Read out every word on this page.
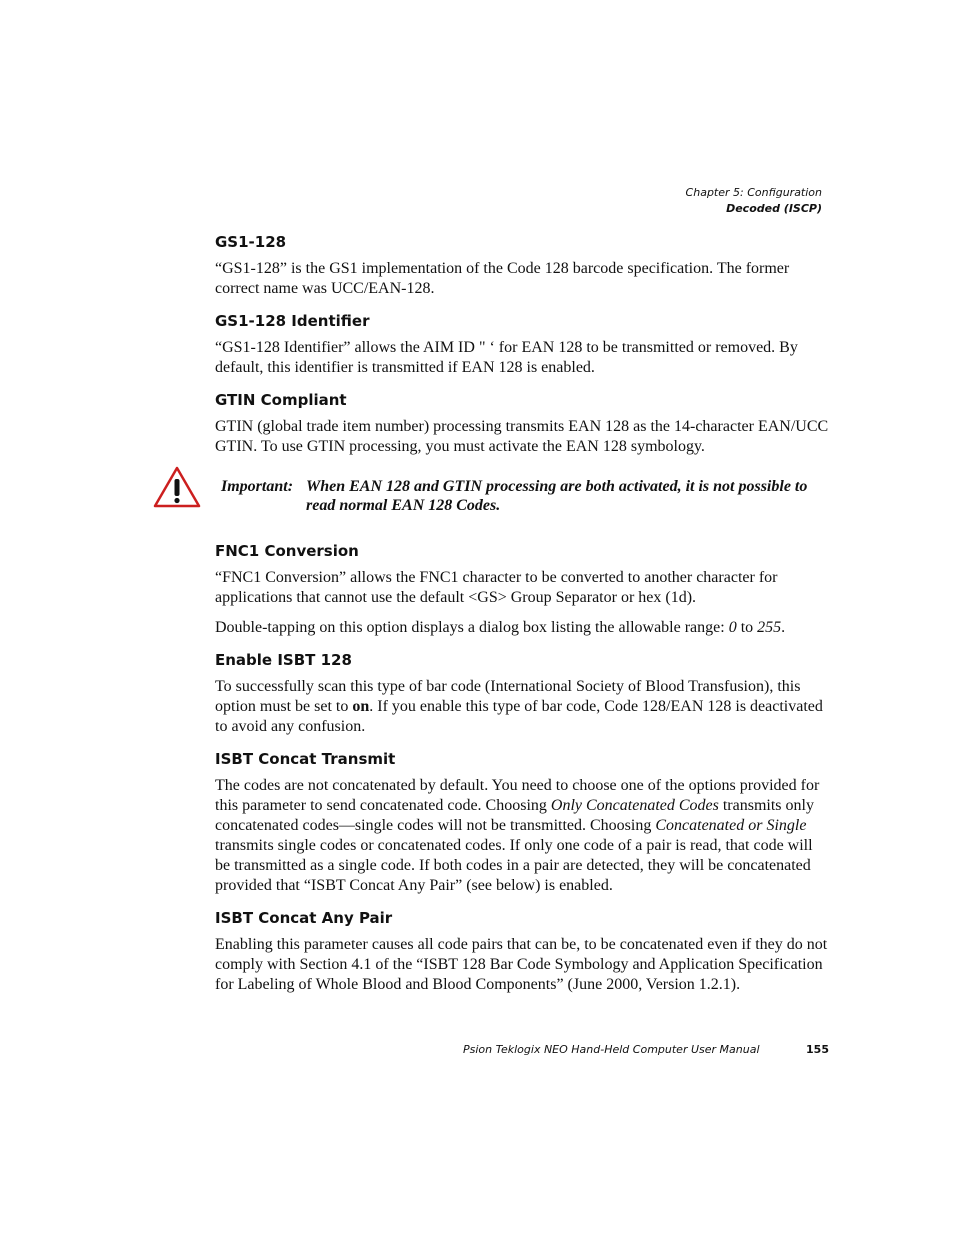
Chapter 5: Configuration
Decoded (ISCP)
GS1-128

“GS1-128” is the GS1 implementation of the Code 128 barcode specification. The former correct name was UCC/EAN-128.

GS1-128 Identifier

“GS1-128 Identifier” allows the AIM ID " ‘ for EAN 128 to be transmitted or removed. By default, this identifier is transmitted if EAN 128 is enabled.

GTIN Compliant

GTIN (global trade item number) processing transmits EAN 128 as the 14-character EAN/UCC GTIN. To use GTIN processing, you must activate the EAN 128 symbology.

Important: When EAN 128 and GTIN processing are both activated, it is not possible to read normal EAN 128 Codes.
FNC1 Conversion

“FNC1 Conversion” allows the FNC1 character to be converted to another character for applications that cannot use the default <GS> Group Separator or hex (1d).

Double-tapping on this option displays a dialog box listing the allowable range: 0 to 255.

Enable ISBT 128

To successfully scan this type of bar code (International Society of Blood Transfusion), this option must be set to on. If you enable this type of bar code, Code 128/EAN 128 is deactivated to avoid any confusion.

ISBT Concat Transmit

The codes are not concatenated by default. You need to choose one of the options provided for this parameter to send concatenated code. Choosing Only Concatenated Codes transmits only concatenated codes—single codes will not be transmitted. Choosing Concatenated or Single transmits single codes or concatenated codes. If only one code of a pair is read, that code will be transmitted as a single code. If both codes in a pair are detected, they will be concatenated provided that “ISBT Concat Any Pair” (see below) is enabled.

ISBT Concat Any Pair

Enabling this parameter causes all code pairs that can be, to be concatenated even if they do not comply with Section 4.1 of the “ISBT 128 Bar Code Symbology and Application Specification for Labeling of Whole Blood and Blood Components” (June 2000, Version 1.2.1).

Psion Teklogix NEO Hand-Held Computer User Manual	155
